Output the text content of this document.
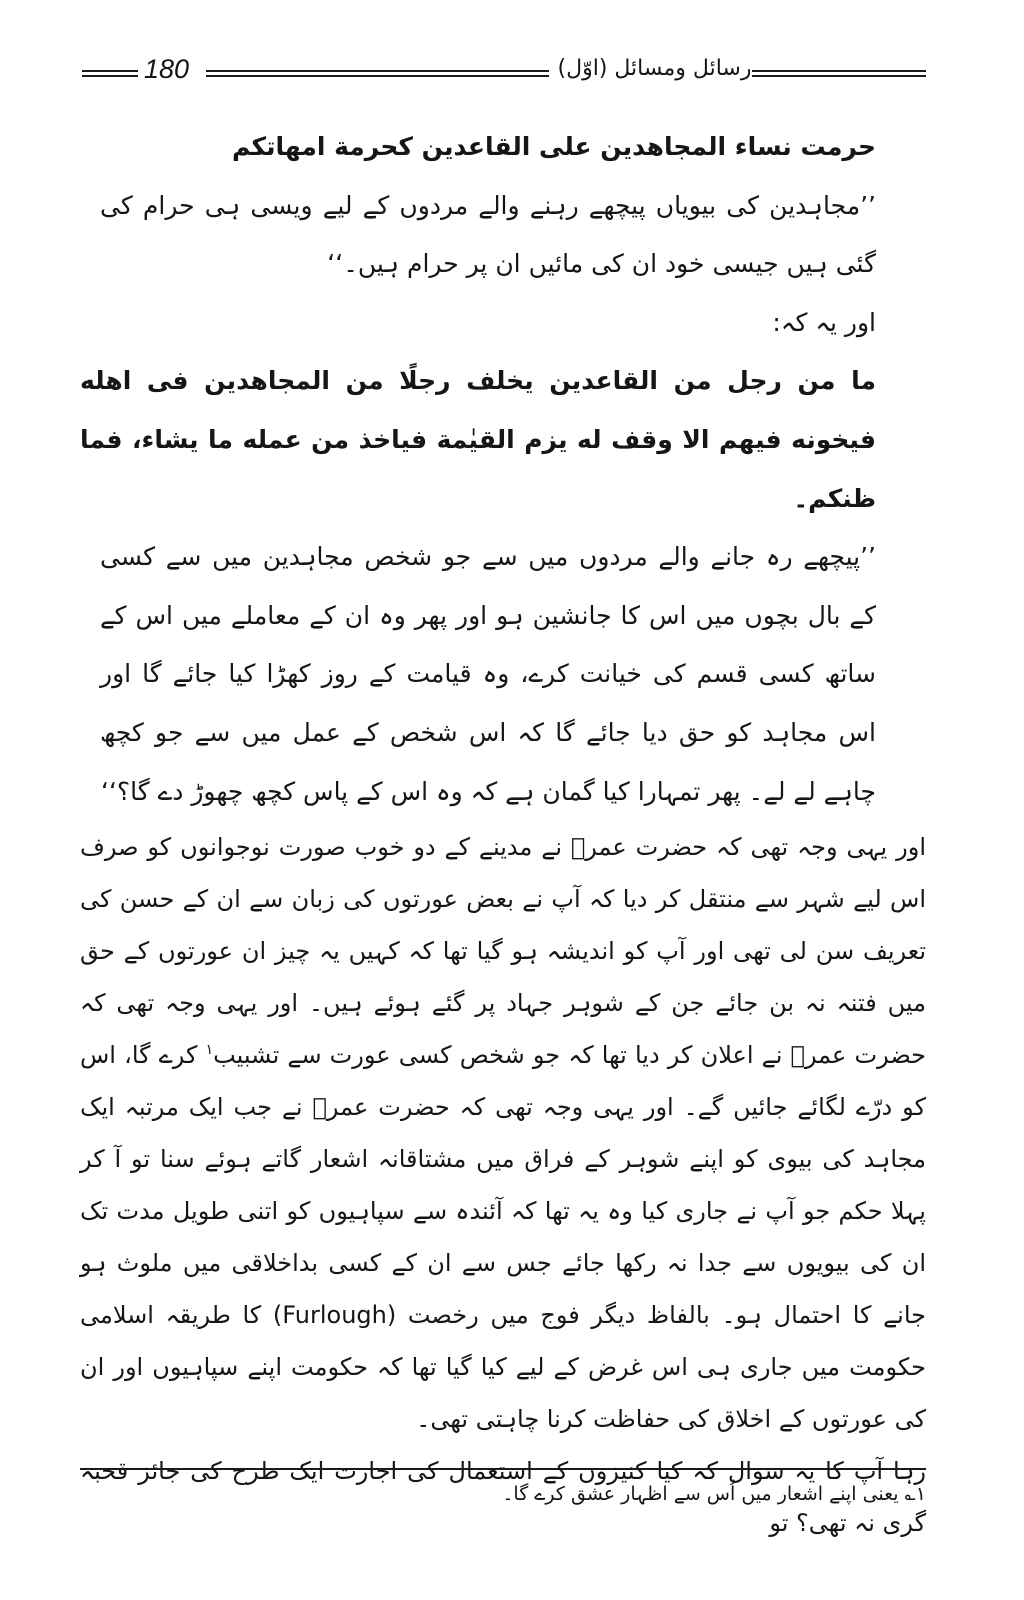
180	رسائل ومسائل (اوّل)

حرمت نساء المجاهدين على القاعدين كحرمة امهاتكم

’’مجاہدین کی بیویاں پیچھے رہنے والے مردوں کے لیے ویسی ہی حرام کی گئی ہیں جیسی خود ان کی مائیں ان پر حرام ہیں۔‘‘

اور یہ کہ:

ما من رجل من القاعدين يخلف رجلًا من المجاهدين فى اهله فيخونه فيهم الا وقف له يزم القيٰمة فياخذ من عمله ما يشاء، فما ظنكم۔

’’پیچھے رہ جانے والے مردوں میں سے جو شخص مجاہدین میں سے کسی کے بال بچوں میں اس کا جانشین ہو اور پھر وہ ان کے معاملے میں اس کے ساتھ کسی قسم کی خیانت کرے، وہ قیامت کے روز کھڑا کیا جائے گا اور اس مجاہد کو حق دیا جائے گا کہ اس شخص کے عمل میں سے جو کچھ چاہے لے لے۔ پھر تمہارا کیا گمان ہے کہ وہ اس کے پاس کچھ چھوڑ دے گا؟‘‘

اور یہی وجہ تھی کہ حضرت عمرؓ نے مدینے کے دو خوب صورت نوجوانوں کو صرف اس لیے شہر سے منتقل کر دیا کہ آپ نے بعض عورتوں کی زبان سے ان کے حسن کی تعریف سن لی تھی اور آپ کو اندیشہ ہو گیا تھا کہ کہیں یہ چیز ان عورتوں کے حق میں فتنہ نہ بن جائے جن کے شوہر جہاد پر گئے ہوئے ہیں۔ اور یہی وجہ تھی کہ حضرت عمرؓ نے اعلان کر دیا تھا کہ جو شخص کسی عورت سے تشبیب$^۱$ کرے گا، اس کو درّے لگائے جائیں گے۔ اور یہی وجہ تھی کہ حضرت عمرؓ نے جب ایک مرتبہ ایک مجاہد کی بیوی کو اپنے شوہر کے فراق میں مشتاقانہ اشعار گاتے ہوئے سنا تو آ کر پہلا حکم جو آپ نے جاری کیا وہ یہ تھا کہ آئندہ سے سپاہیوں کو اتنی طویل مدت تک ان کی بیویوں سے جدا نہ رکھا جائے جس سے ان کے کسی بداخلاقی میں ملوث ہو جانے کا احتمال ہو۔ بالفاظ دیگر فوج میں رخصت (Furlough) کا طریقہ اسلامی حکومت میں جاری ہی اس غرض کے لیے کیا گیا تھا کہ حکومت اپنے سپاہیوں اور ان کی عورتوں کے اخلاق کی حفاظت کرنا چاہتی تھی۔

رہا آپ کا یہ سوال کہ کیا کنیزوں کے استعمال کی اجازت ایک طرح کی جائز قحبہ گری نہ تھی؟ تو

۱؎ یعنی اپنے اشعار میں اُس سے اظہار عشق کرے گا۔
